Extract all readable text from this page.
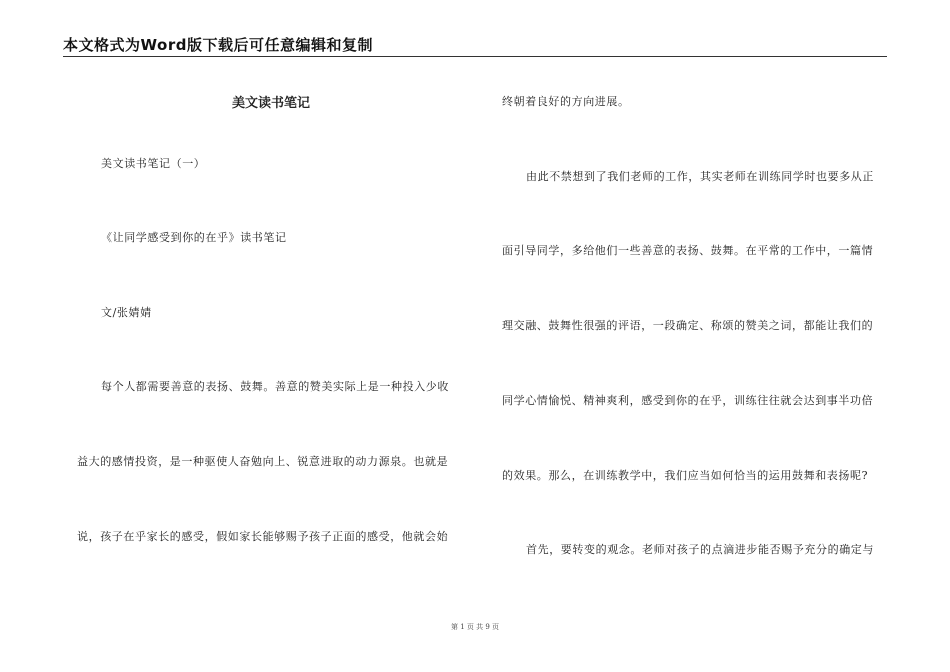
本文格式为Word版下载后可任意编辑和复制
美文读书笔记
美文读书笔记（一）
《让同学感受到你的在乎》读书笔记
文/张婧婧
每个人都需要善意的表扬、鼓舞。善意的赞美实际上是一种投入少收
益大的感情投资，是一种驱使人奋勉向上、锐意进取的动力源泉。也就是
说，孩子在乎家长的感受，假如家长能够赐予孩子正面的感受，他就会始
终朝着良好的方向进展。
由此不禁想到了我们老师的工作，其实老师在训练同学时也要多从正
面引导同学，多给他们一些善意的表扬、鼓舞。在平常的工作中，一篇情
理交融、鼓舞性很强的评语，一段确定、称颂的赞美之词，都能让我们的
同学心情愉悦、精神爽利，感受到你的在乎，训练往往就会达到事半功倍
的效果。那么，在训练教学中，我们应当如何恰当的运用鼓舞和表扬呢?
首先，要转变的观念。老师对孩子的点滴进步能否赐予充分的确定与
第 1 页 共 9 页
